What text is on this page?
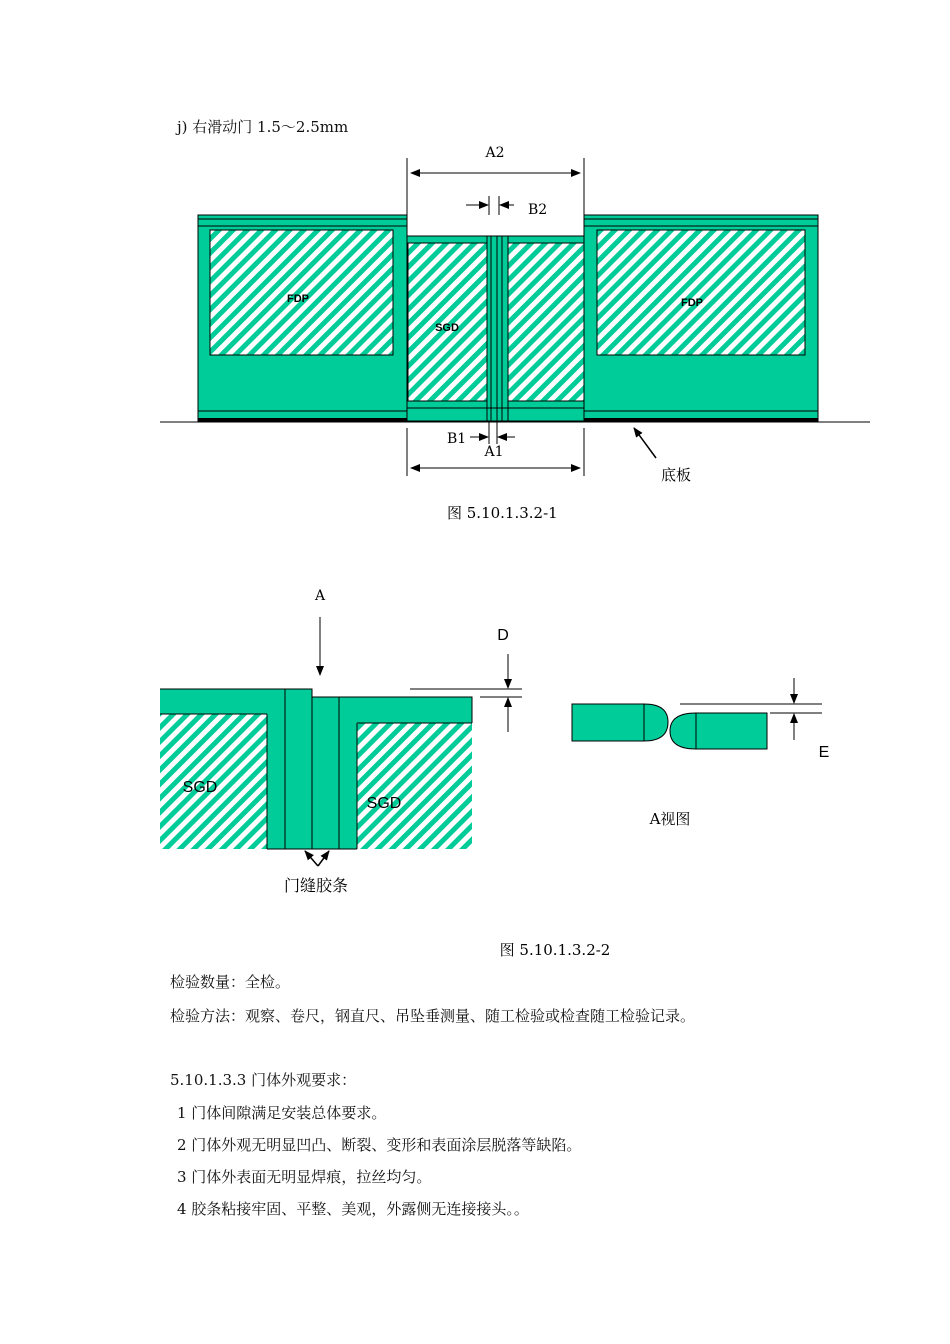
j) 右滑动门 1.5～2.5mm
FDP
SGD
FDP
A2
B2
B1
A1
底板
图 5.10.1.3.2-1
A
D
E
SGD
SGD
门缝胶条
A视图
图 5.10.1.3.2-2
检验数量：全检。
检验方法：观察、卷尺，钢直尺、吊坠垂测量、随工检验或检查随工检验记录。
5.10.1.3.3 门体外观要求：
1 门体间隙满足安装总体要求。
2 门体外观无明显凹凸、断裂、变形和表面涂层脱落等缺陷。
3 门体外表面无明显焊痕，拉丝均匀。
4 胶条粘接牢固、平整、美观，外露侧无连接接头。。
